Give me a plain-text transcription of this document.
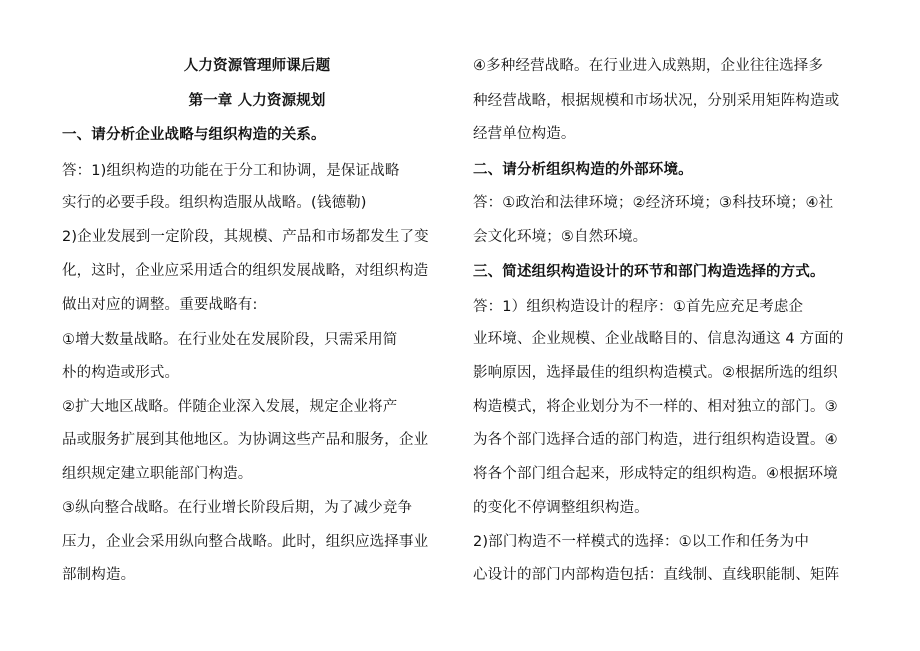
人力资源管理师课后题
第一章 人力资源规划
一、请分析企业战略与组织构造的关系。
答：1)组织构造的功能在于分工和协调，是保证战略
实行的必要手段。组织构造服从战略。(钱德勒)
2)企业发展到一定阶段，其规模、产品和市场都发生了变
化，这时，企业应采用适合的组织发展战略，对组织构造
做出对应的调整。重要战略有:
①增大数量战略。在行业处在发展阶段，只需采用简
朴的构造或形式。
②扩大地区战略。伴随企业深入发展，规定企业将产
品或服务扩展到其他地区。为协调这些产品和服务，企业
组织规定建立职能部门构造。
③纵向整合战略。在行业增长阶段后期，为了减少竞争
压力，企业会采用纵向整合战略。此时，组织应选择事业
部制构造。
④多种经营战略。在行业进入成熟期，企业往往选择多
种经营战略，根据规模和市场状况，分别采用矩阵构造或
经营单位构造。
二、请分析组织构造的外部环境。
答：①政治和法律环境；②经济环境；③科技环境；④社
会文化环境；⑤自然环境。
三、简述组织构造设计的环节和部门构造选择的方式。
答：1）组织构造设计的程序：①首先应充足考虑企
业环境、企业规模、企业战略目的、信息沟通这 4 方面的
影响原因，选择最佳的组织构造模式。②根据所选的组织
构造模式，将企业划分为不一样的、相对独立的部门。③
为各个部门选择合适的部门构造，进行组织构造设置。④
将各个部门组合起来，形成特定的组织构造。④根据环境
的变化不停调整组织构造。
2)部门构造不一样模式的选择：①以工作和任务为中
心设计的部门内部构造包括：直线制、直线职能制、矩阵
